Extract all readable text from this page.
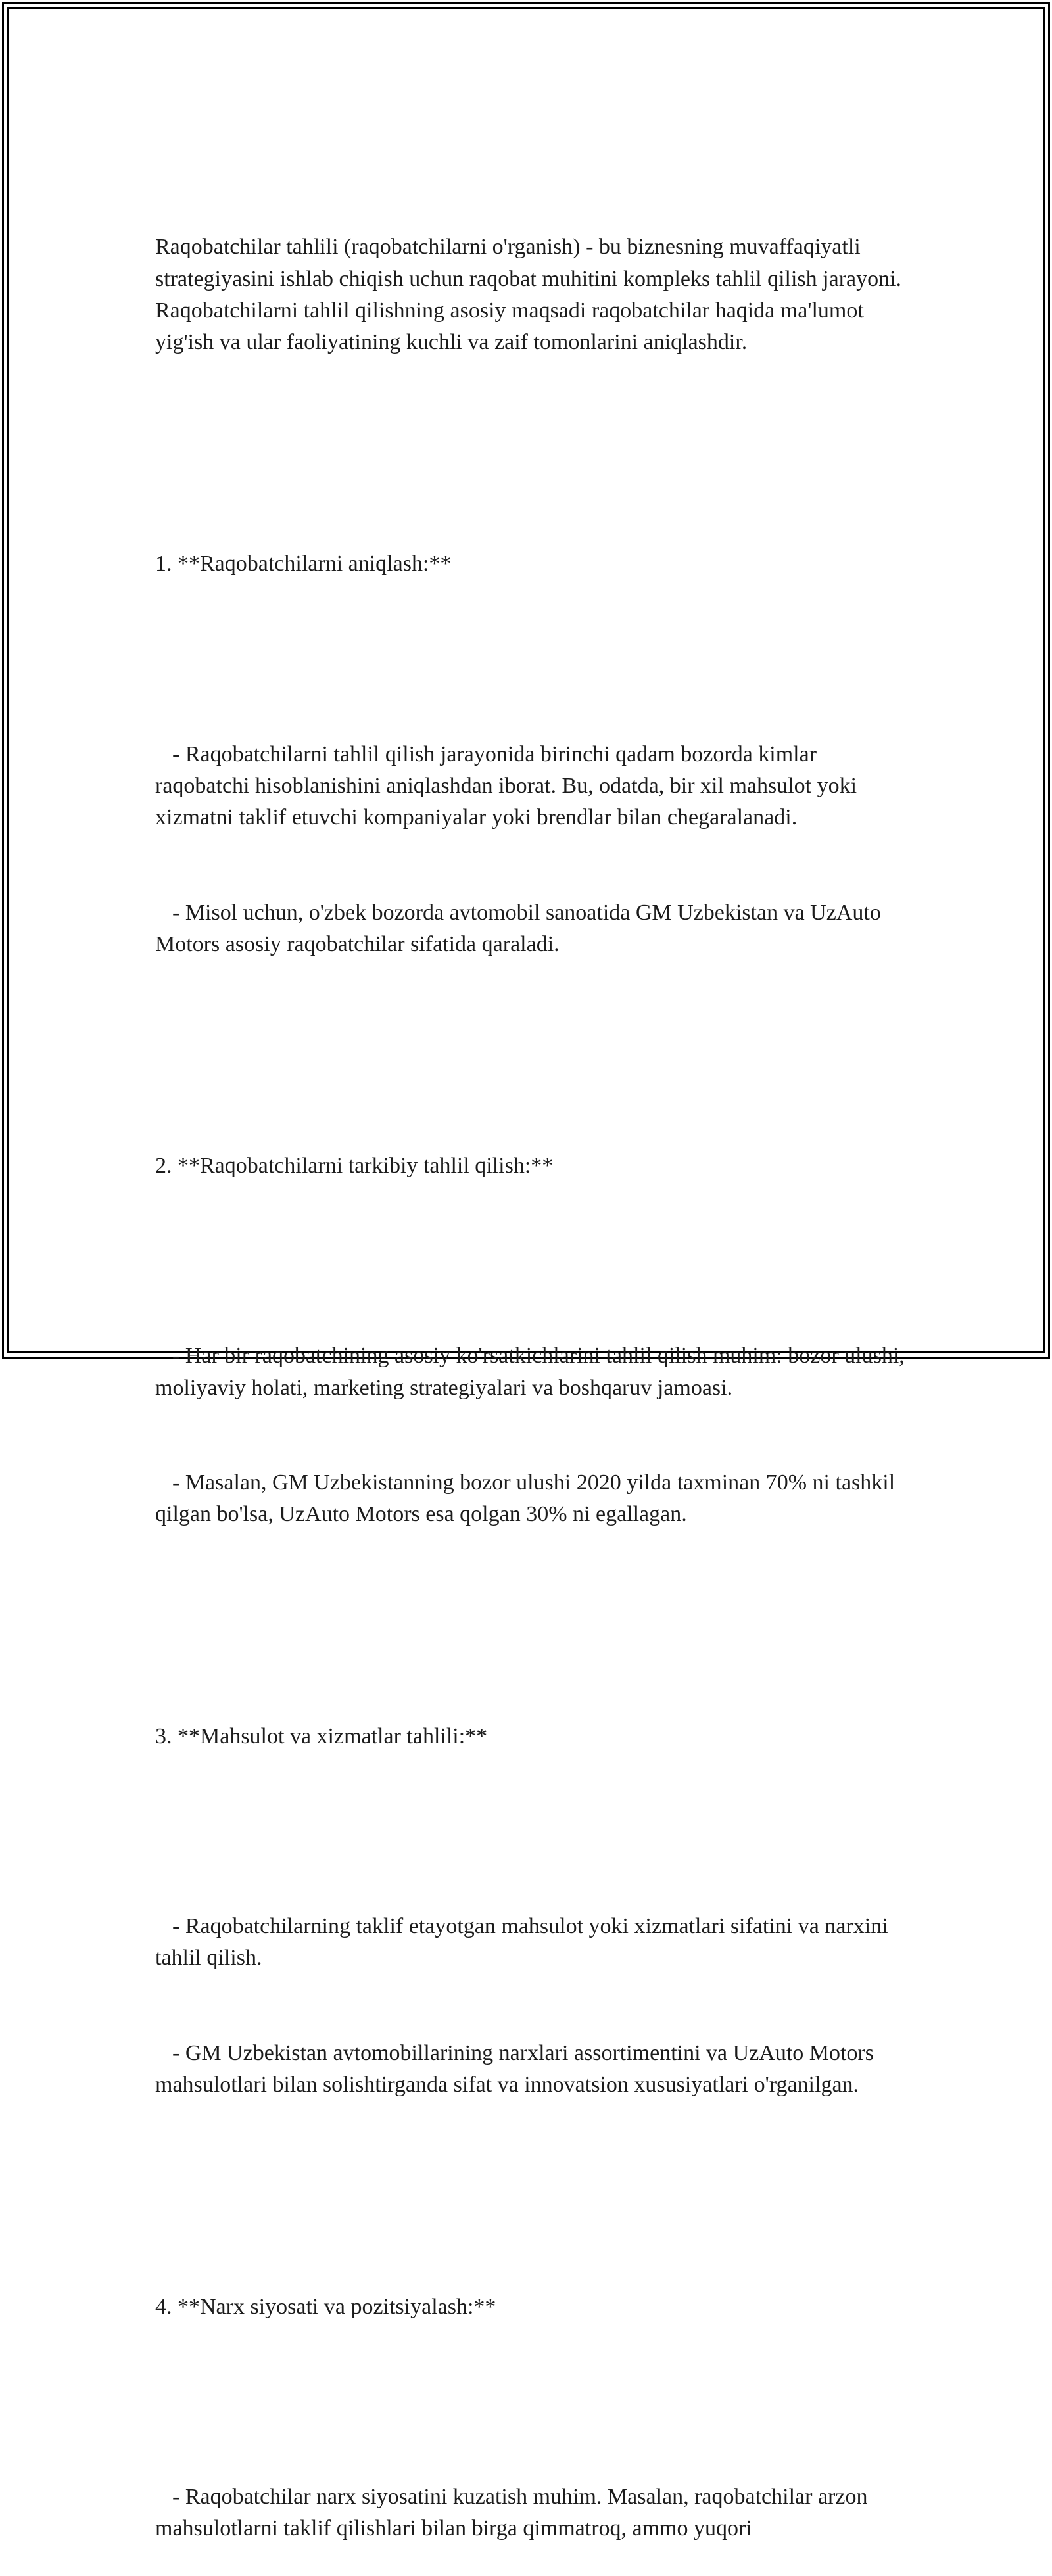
Raqobatchilar tahlili (raqobatchilarni o'rganish) - bu biznesning muvaffaqiyatli strategiyasini ishlab chiqish uchun raqobat muhitini kompleks tahlil qilish jarayoni. Raqobatchilarni tahlil qilishning asosiy maqsadi raqobatchilar haqida ma'lumot yig'ish va ular faoliyatining kuchli va zaif tomonlarini aniqlashdir.

1. **Raqobatchilarni aniqlash:**

- Raqobatchilarni tahlil qilish jarayonida birinchi qadam bozorda kimlar raqobatchi hisoblanishini aniqlashdan iborat. Bu, odatda, bir xil mahsulot yoki xizmatni taklif etuvchi kompaniyalar yoki brendlar bilan chegaralanadi.

- Misol uchun, o'zbek bozorda avtomobil sanoatida GM Uzbekistan va UzAuto Motors asosiy raqobatchilar sifatida qaraladi.

2. **Raqobatchilarni tarkibiy tahlil qilish:**

- Har bir raqobatchining asosiy ko'rsatkichlarini tahlil qilish muhim: bozor ulushi, moliyaviy holati, marketing strategiyalari va boshqaruv jamoasi.

- Masalan, GM Uzbekistanning bozor ulushi 2020 yilda taxminan 70% ni tashkil qilgan bo'lsa, UzAuto Motors esa qolgan 30% ni egallagan.

3. **Mahsulot va xizmatlar tahlili:**

- Raqobatchilarning taklif etayotgan mahsulot yoki xizmatlari sifatini va narxini tahlil qilish.

- GM Uzbekistan avtomobillarining narxlari assortimentini va UzAuto Motors mahsulotlari bilan solishtirganda sifat va innovatsion xususiyatlari o'rganilgan.

4. **Narx siyosati va pozitsiyalash:**

- Raqobatchilar narx siyosatini kuzatish muhim. Masalan, raqobatchilar arzon mahsulotlarni taklif qilishlari bilan birga qimmatroq, ammo yuqori
